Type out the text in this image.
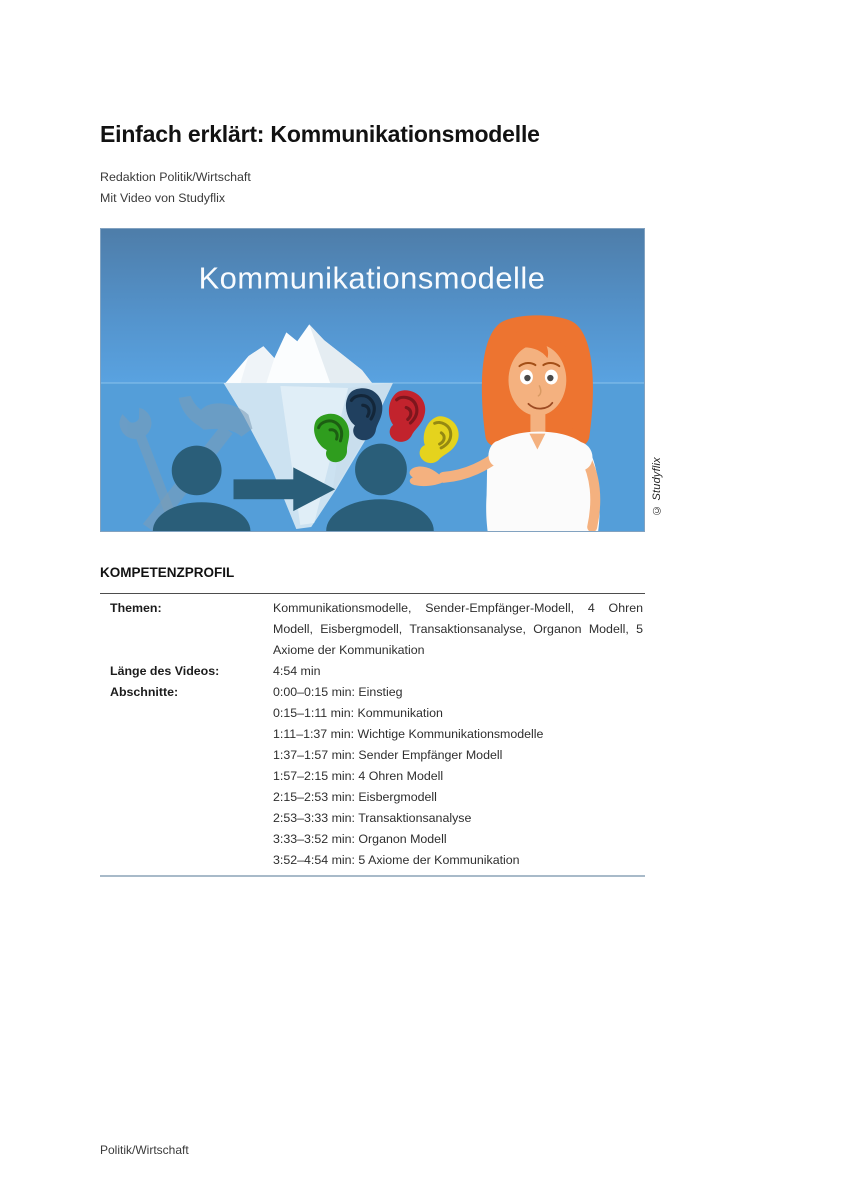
Einfach erklärt: Kommunikationsmodelle
Redaktion Politik/Wirtschaft
Mit Video von Studyflix
Kommunikationsmodelle
© Studyflix
KOMPETENZPROFIL
Themen:	Kommunikationsmodelle, Sender-Empfänger-Modell, 4 Ohren Modell, Eisbergmodell, Transaktionsanalyse, Organon Modell, 5 Axiome der Kommunikation
Länge des Videos:	4:54 min
Abschnitte:	0:00–0:15 min: Einstieg
0:15–1:11 min: Kommunikation
1:11–1:37 min: Wichtige Kommunikationsmodelle
1:37–1:57 min: Sender Empfänger Modell
1:57–2:15 min: 4 Ohren Modell
2:15–2:53 min: Eisbergmodell
2:53–3:33 min: Transaktionsanalyse
3:33–3:52 min: Organon Modell
3:52–4:54 min: 5 Axiome der Kommunikation
Politik/Wirtschaft
